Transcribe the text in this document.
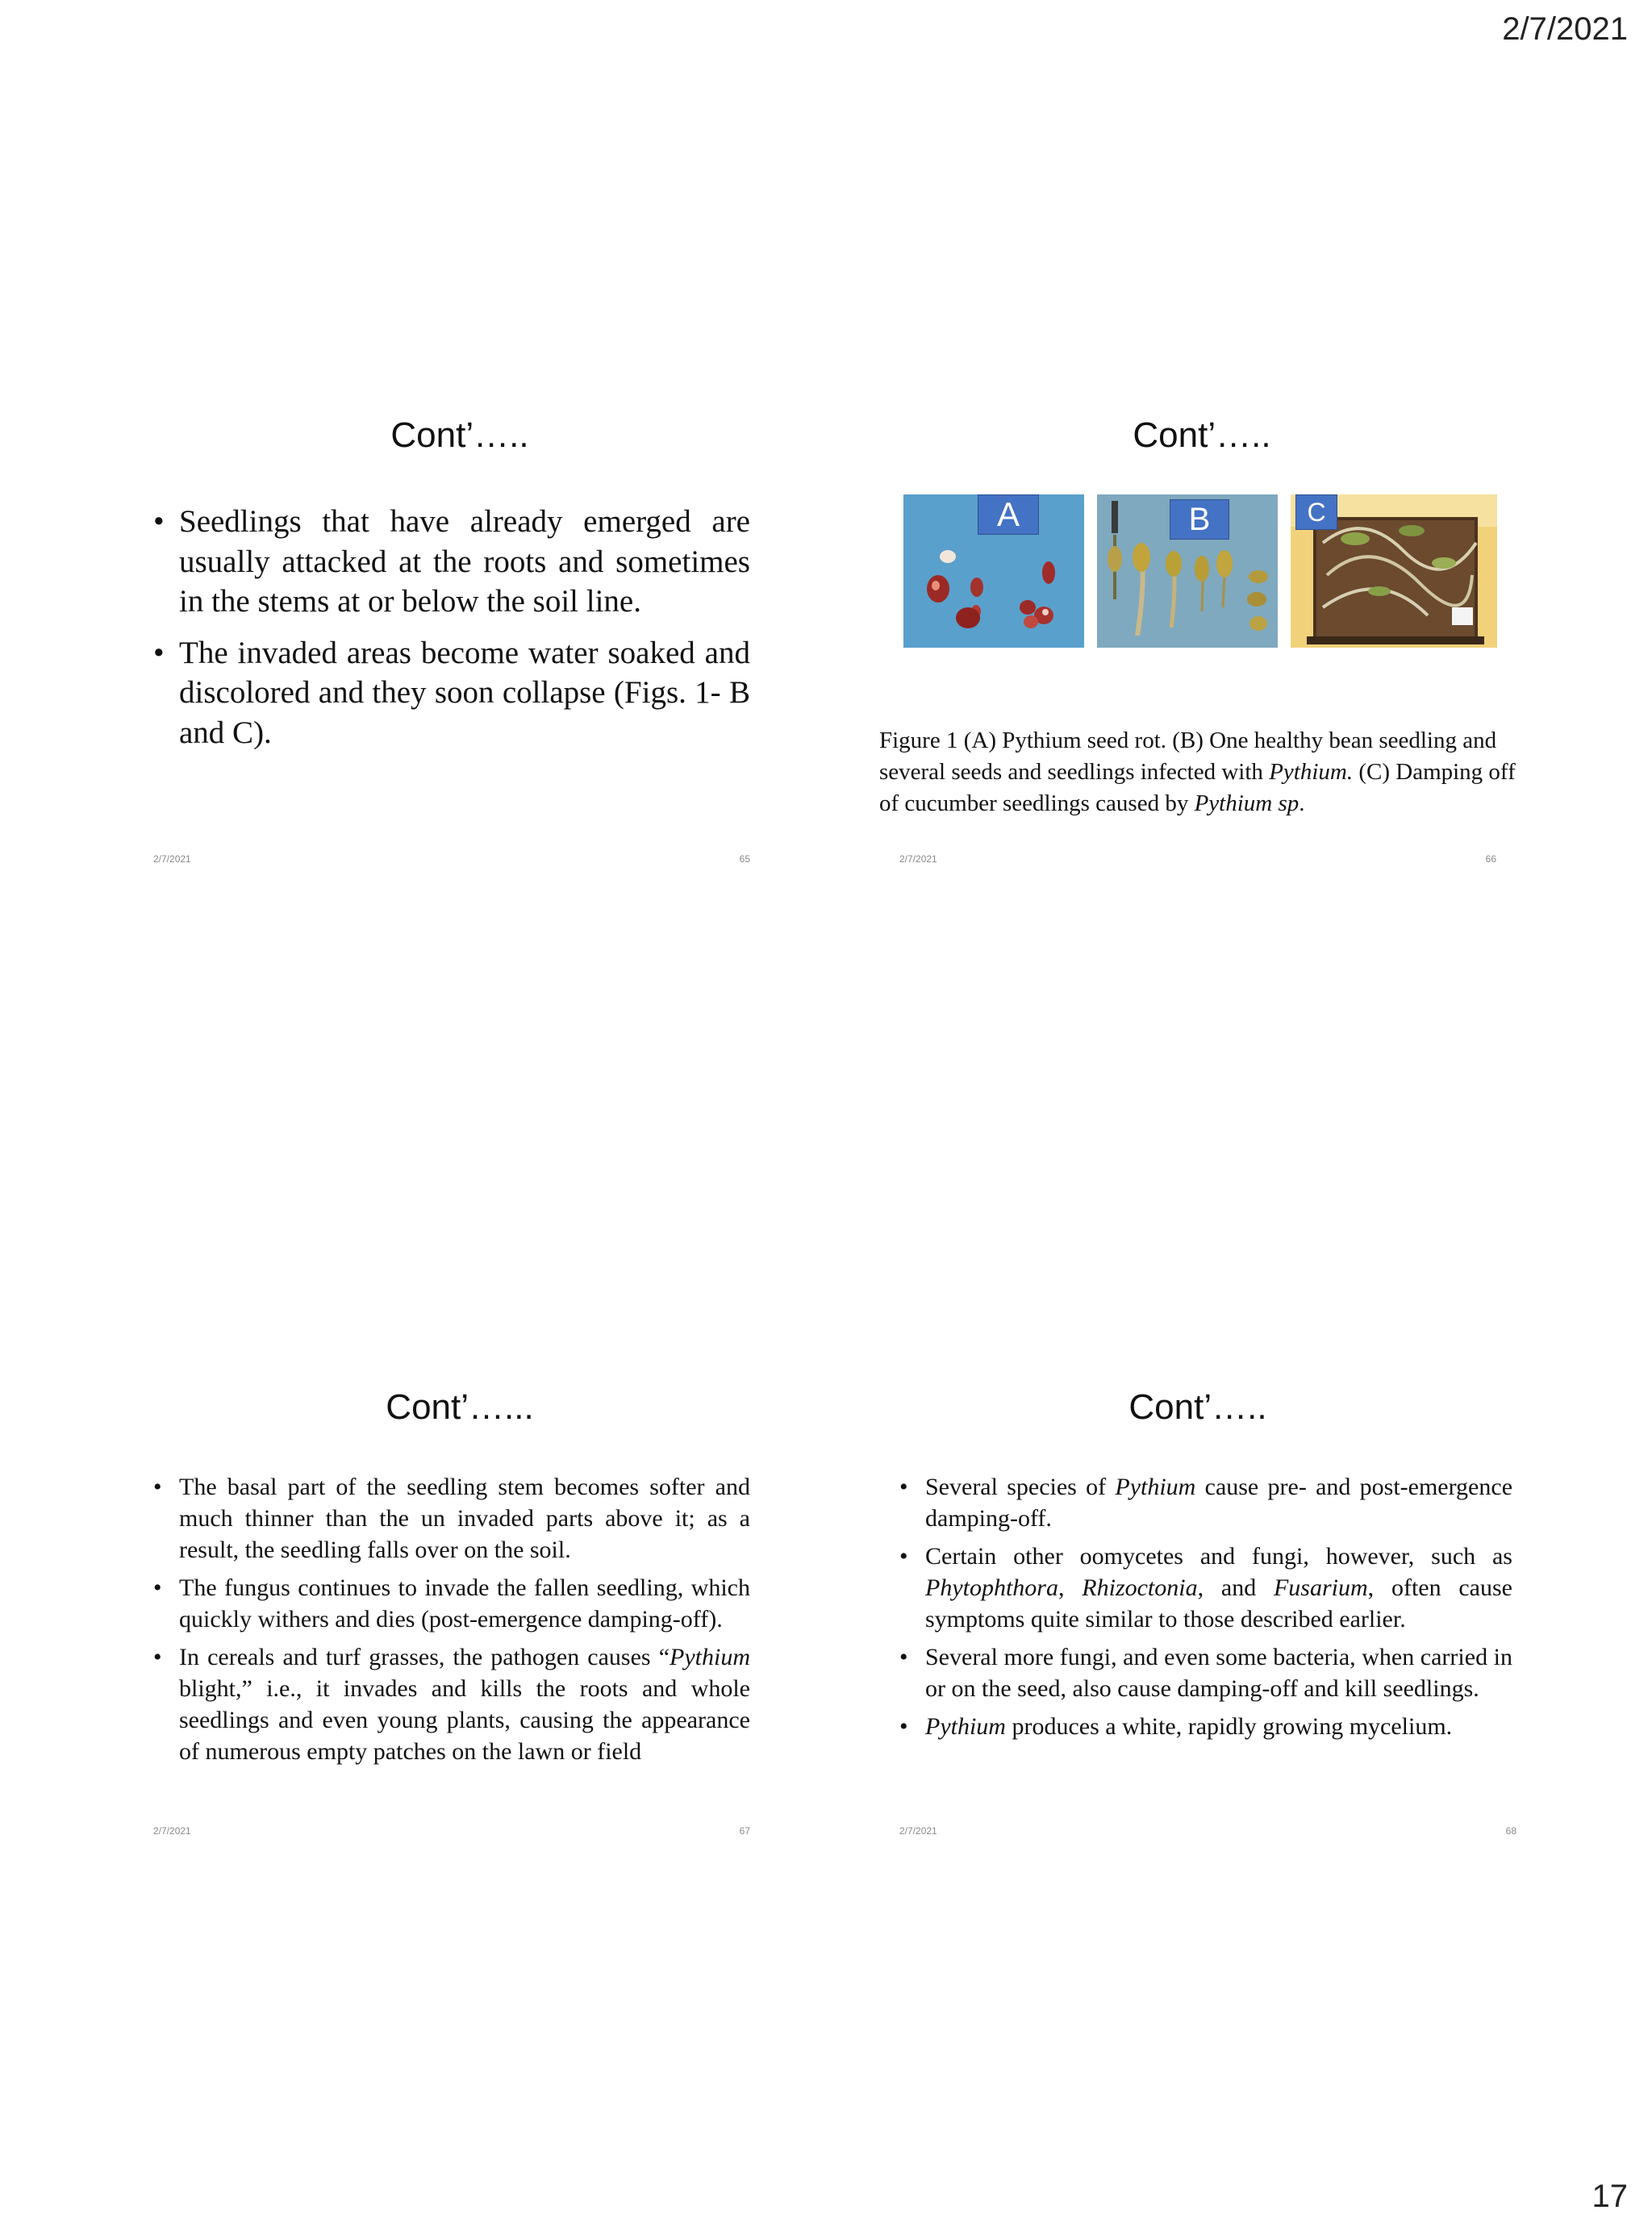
2/7/2021
Cont’…..
• Seedlings that have already emerged are usually attacked at the roots and sometimes in the stems at or below the soil line.
• The invaded areas become water soaked and discolored and they soon collapse (Figs. 1- B and C).
2/7/2021	65
Cont’…..
A	B	C
Figure 1 (A) Pythium seed rot. (B) One healthy bean seedling and several seeds and seedlings infected with Pythium. (C) Damping off of cucumber seedlings caused by Pythium sp.
2/7/2021	66
Cont’…...
• The basal part of the seedling stem becomes softer and much thinner than the un invaded parts above it; as a result, the seedling falls over on the soil.
• The fungus continues to invade the fallen seedling, which quickly withers and dies (post-emergence damping-off).
• In cereals and turf grasses, the pathogen causes “Pythium blight,” i.e., it invades and kills the roots and whole seedlings and even young plants, causing the appearance of numerous empty patches on the lawn or field
2/7/2021	67
Cont’…..
• Several species of Pythium cause pre- and post-emergence damping-off.
• Certain other oomycetes and fungi, however, such as Phytophthora, Rhizoctonia, and Fusarium, often cause symptoms quite similar to those described earlier.
• Several more fungi, and even some bacteria, when carried in or on the seed, also cause damping-off and kill seedlings.
• Pythium produces a white, rapidly growing mycelium.
2/7/2021	68
17
